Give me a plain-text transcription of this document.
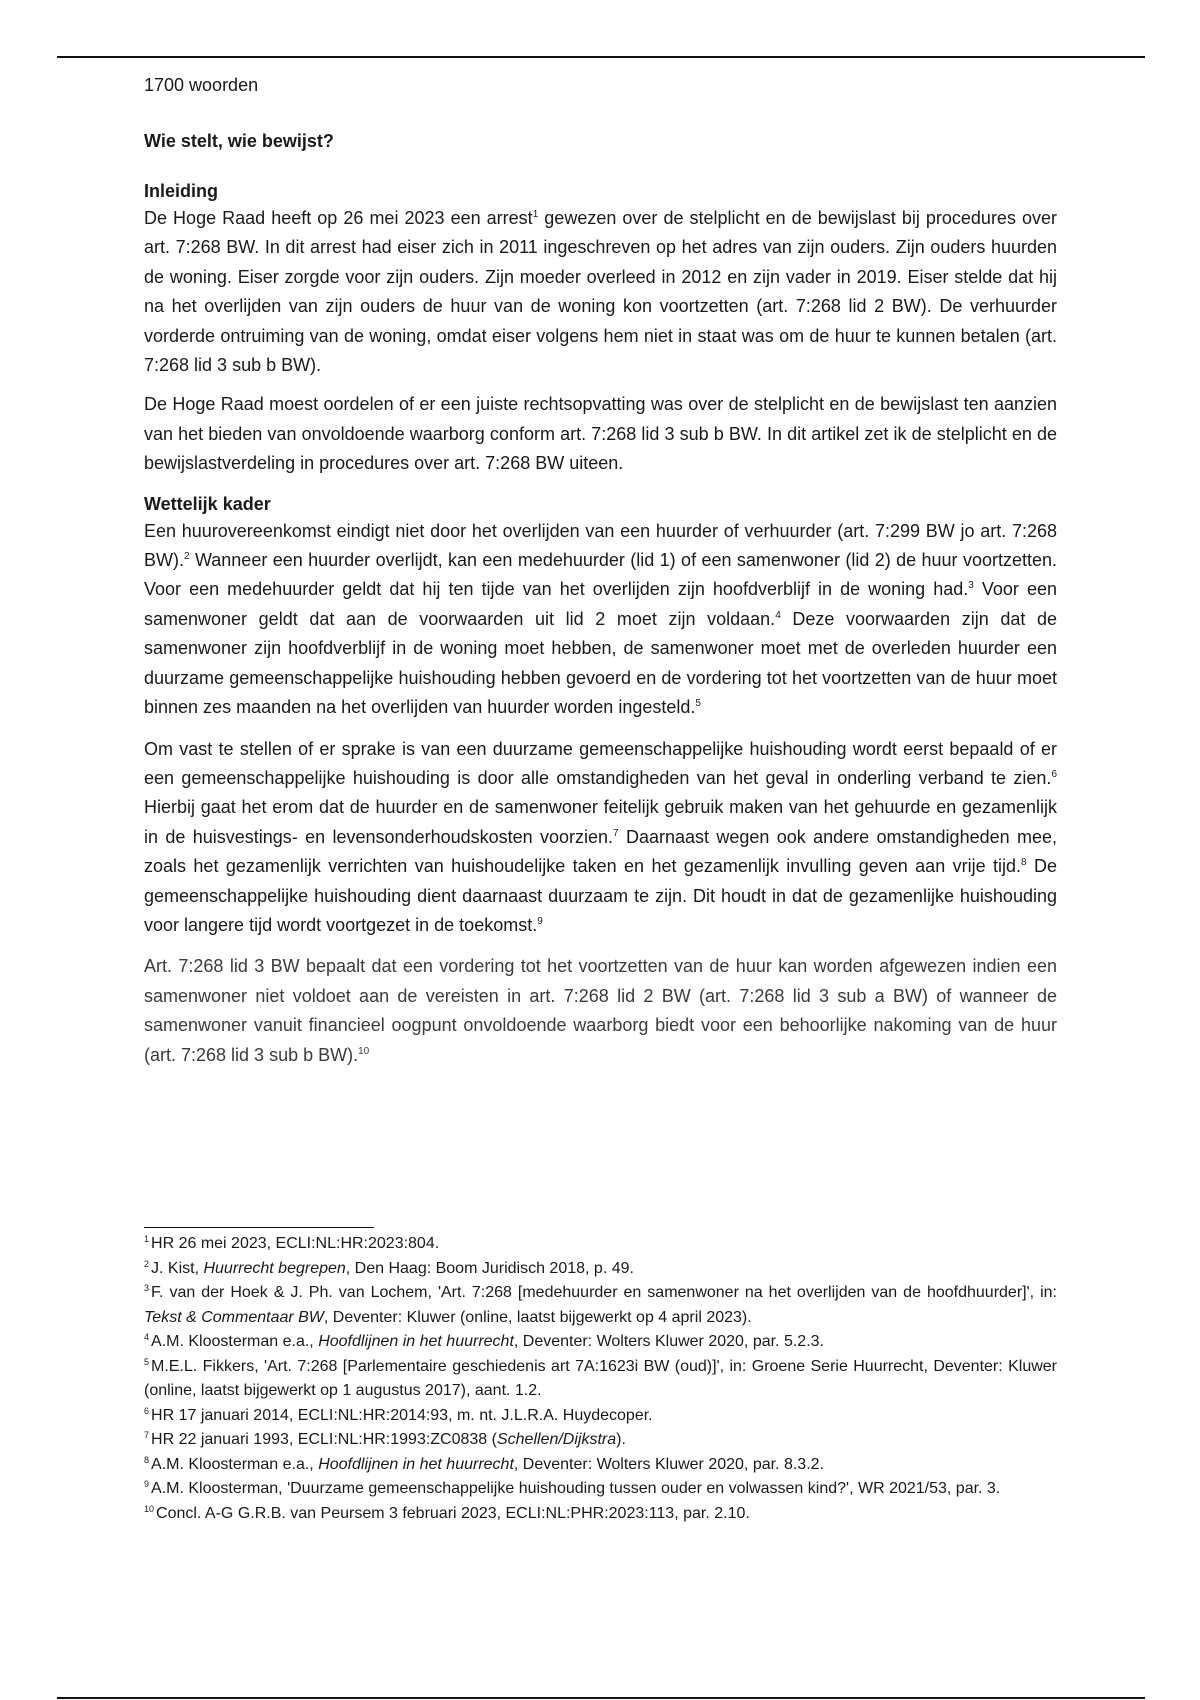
1700 woorden

Wie stelt, wie bewijst?

Inleiding

De Hoge Raad heeft op 26 mei 2023 een arrest$^1$ gewezen over de stelplicht en de bewijslast bij procedures over art. 7:268 BW. In dit arrest had eiser zich in 2011 ingeschreven op het adres van zijn ouders. Zijn ouders huurden de woning. Eiser zorgde voor zijn ouders. Zijn moeder overleed in 2012 en zijn vader in 2019. Eiser stelde dat hij na het overlijden van zijn ouders de huur van de woning kon voortzetten (art. 7:268 lid 2 BW). De verhuurder vorderde ontruiming van de woning, omdat eiser volgens hem niet in staat was om de huur te kunnen betalen (art. 7:268 lid 3 sub b BW).

De Hoge Raad moest oordelen of er een juiste rechtsopvatting was over de stelplicht en de bewijslast ten aanzien van het bieden van onvoldoende waarborg conform art. 7:268 lid 3 sub b BW. In dit artikel zet ik de stelplicht en de bewijslastverdeling in procedures over art. 7:268 BW uiteen.

Wettelijk kader

Een huurovereenkomst eindigt niet door het overlijden van een huurder of verhuurder (art. 7:299 BW jo art. 7:268 BW).$^2$ Wanneer een huurder overlijdt, kan een medehuurder (lid 1) of een samenwoner (lid 2) de huur voortzetten. Voor een medehuurder geldt dat hij ten tijde van het overlijden zijn hoofdverblijf in de woning had.$^3$ Voor een samenwoner geldt dat aan de voorwaarden uit lid 2 moet zijn voldaan.$^4$ Deze voorwaarden zijn dat de samenwoner zijn hoofdverblijf in de woning moet hebben, de samenwoner moet met de overleden huurder een duurzame gemeenschappelijke huishouding hebben gevoerd en de vordering tot het voortzetten van de huur moet binnen zes maanden na het overlijden van huurder worden ingesteld.$^5$

Om vast te stellen of er sprake is van een duurzame gemeenschappelijke huishouding wordt eerst bepaald of er een gemeenschappelijke huishouding is door alle omstandigheden van het geval in onderling verband te zien.$^6$ Hierbij gaat het erom dat de huurder en de samenwoner feitelijk gebruik maken van het gehuurde en gezamenlijk in de huisvestings- en levensonderhoudskosten voorzien.$^7$ Daarnaast wegen ook andere omstandigheden mee, zoals het gezamenlijk verrichten van huishoudelijke taken en het gezamenlijk invulling geven aan vrije tijd.$^8$ De gemeenschappelijke huishouding dient daarnaast duurzaam te zijn. Dit houdt in dat de gezamenlijke huishouding voor langere tijd wordt voortgezet in de toekomst.$^9$

Art. 7:268 lid 3 BW bepaalt dat een vordering tot het voortzetten van de huur kan worden afgewezen indien een samenwoner niet voldoet aan de vereisten in art. 7:268 lid 2 BW (art. 7:268 lid 3 sub a BW) of wanneer de samenwoner vanuit financieel oogpunt onvoldoende waarborg biedt voor een behoorlijke nakoming van de huur (art. 7:268 lid 3 sub b BW).$^{10}$

$^1$ HR 26 mei 2023, ECLI:NL:HR:2023:804.

$^2$ J. Kist, Huurrecht begrepen, Den Haag: Boom Juridisch 2018, p. 49.

$^3$ F. van der Hoek & J. Ph. van Lochem, 'Art. 7:268 [medehuurder en samenwoner na het overlijden van de hoofdhuurder]', in: Tekst & Commentaar BW, Deventer: Kluwer (online, laatst bijgewerkt op 4 april 2023).

$^4$ A.M. Kloosterman e.a., Hoofdlijnen in het huurrecht, Deventer: Wolters Kluwer 2020, par. 5.2.3.

$^5$ M.E.L. Fikkers, 'Art. 7:268 [Parlementaire geschiedenis art 7A:1623i BW (oud)]', in: Groene Serie Huurrecht, Deventer: Kluwer (online, laatst bijgewerkt op 1 augustus 2017), aant. 1.2.

$^6$ HR 17 januari 2014, ECLI:NL:HR:2014:93, m. nt. J.L.R.A. Huydecoper.

$^7$ HR 22 januari 1993, ECLI:NL:HR:1993:ZC0838 (Schellen/Dijkstra).

$^8$ A.M. Kloosterman e.a., Hoofdlijnen in het huurrecht, Deventer: Wolters Kluwer 2020, par. 8.3.2.

$^9$ A.M. Kloosterman, 'Duurzame gemeenschappelijke huishouding tussen ouder en volwassen kind?', WR 2021/53, par. 3.

$^{10}$ Concl. A-G G.R.B. van Peursem 3 februari 2023, ECLI:NL:PHR:2023:113, par. 2.10.
